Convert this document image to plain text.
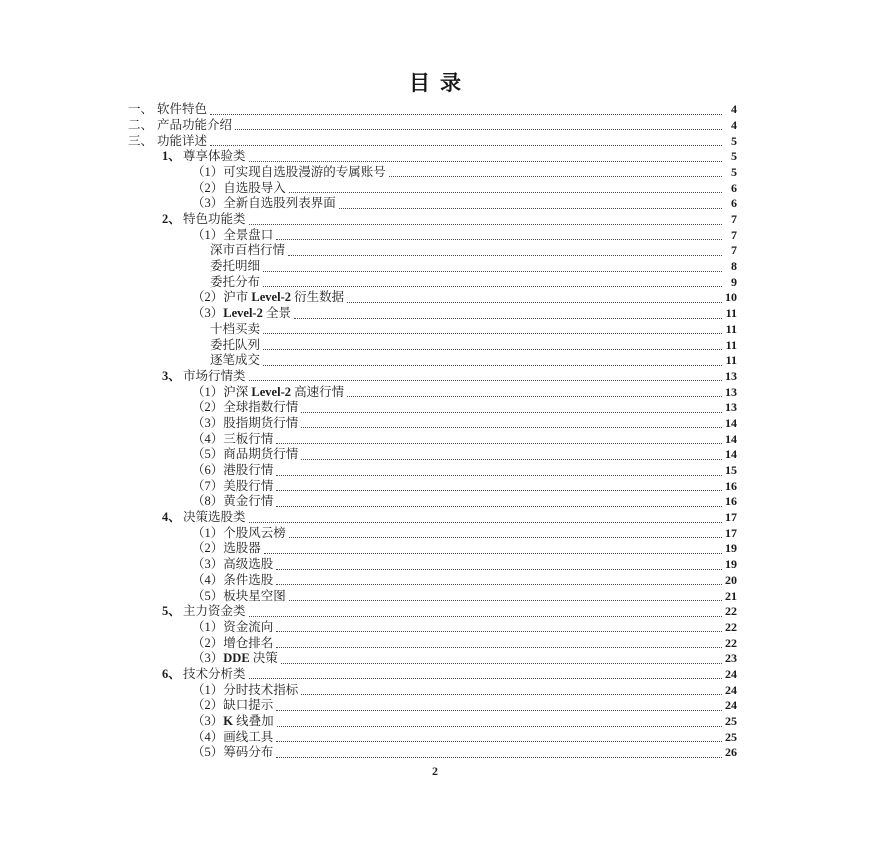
目录
一、 软件特色	4
二、 产品功能介绍	4
三、 功能详述	5
1、 尊享体验类	5
（1） 可实现自选股漫游的专属账号	5
（2） 自选股导入	6
（3） 全新自选股列表界面	6
2、 特色功能类	7
（1） 全景盘口	7
深市百档行情	7
委托明细	8
委托分布	9
（2） 沪市 Level-2 衍生数据	10
（3） Level-2 全景	11
十档买卖	11
委托队列	11
逐笔成交	11
3、 市场行情类	13
（1） 沪深 Level-2 高速行情	13
（2） 全球指数行情	13
（3） 股指期货行情	14
（4） 三板行情	14
（5） 商品期货行情	14
（6） 港股行情	15
（7） 美股行情	16
（8） 黄金行情	16
4、 决策选股类	17
（1） 个股风云榜	17
（2） 选股器	19
（3） 高级选股	19
（4） 条件选股	20
（5） 板块星空图	21
5、 主力资金类	22
（1） 资金流向	22
（2） 增仓排名	22
（3） DDE 决策	23
6、 技术分析类	24
（1） 分时技术指标	24
（2） 缺口提示	24
（3） K 线叠加	25
（4） 画线工具	25
（5） 筹码分布	26
2
